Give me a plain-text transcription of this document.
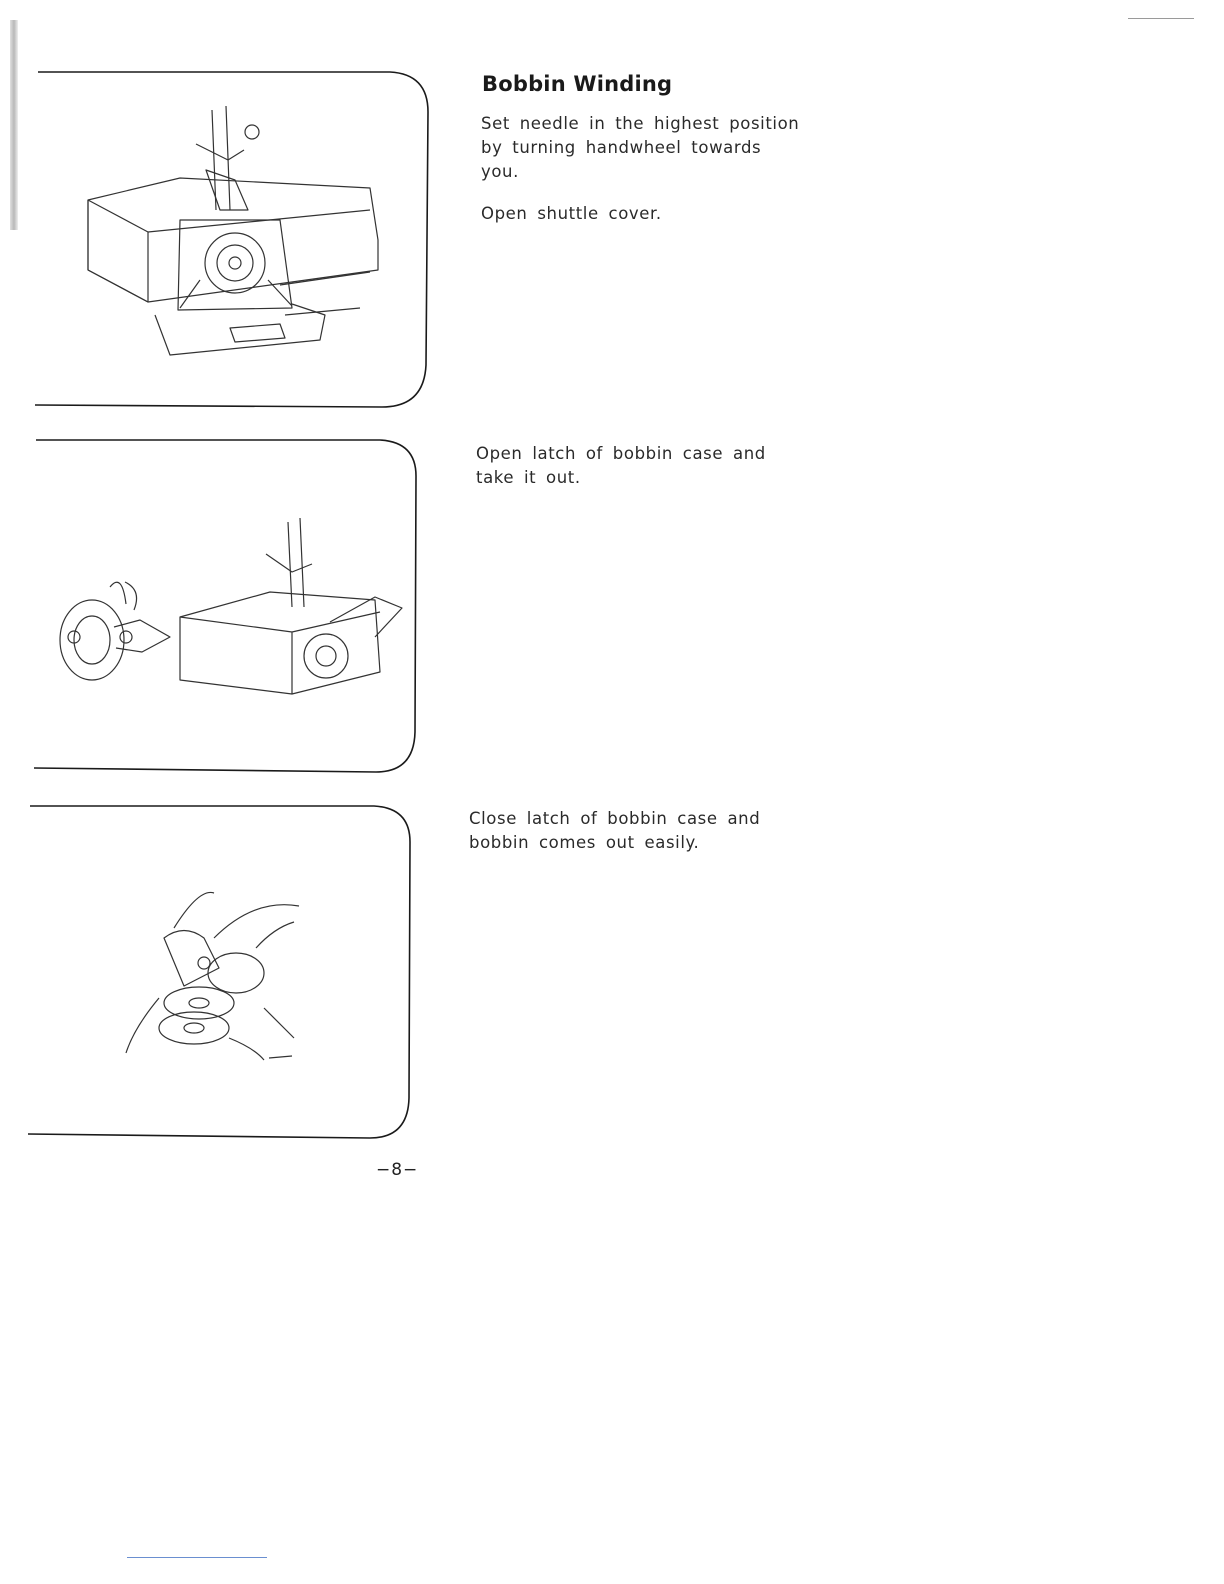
Bobbin Winding

Set needle in the highest position
by turning handwheel towards
you.

Open shuttle cover.

Open latch of bobbin case and
take it out.

Close latch of bobbin case and
bobbin comes out easily.

−8−
